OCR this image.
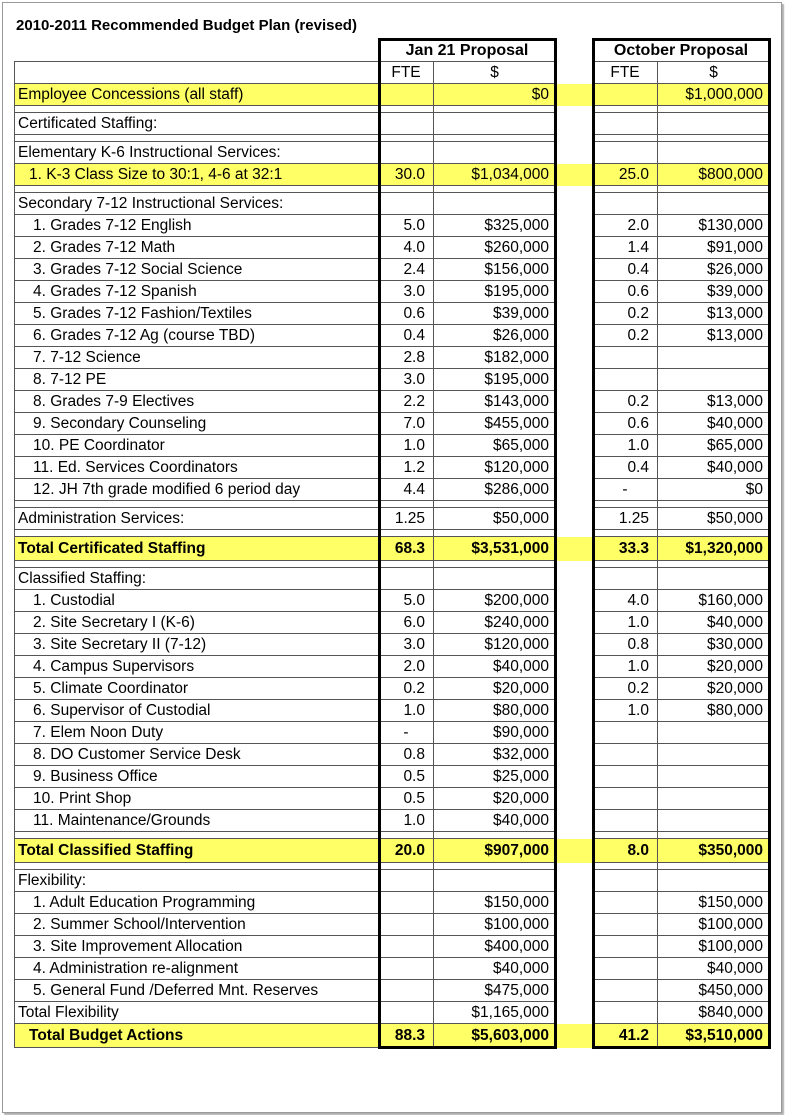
2010-2011 Recommended Budget Plan (revised)
	Jan 21 Proposal			October Proposal	
	FTE	$		FTE	$
Employee Concessions (all staff)		$0			$1,000,000

Certificated Staffing:					

Elementary K-6 Instructional Services:					
1. K-3 Class Size to 30:1, 4-6 at 32:1	30.0	$1,034,000		25.0	$800,000

Secondary 7-12 Instructional Services:					
1. Grades 7-12 English	5.0	$325,000		2.0	$130,000
2. Grades 7-12 Math	4.0	$260,000		1.4	$91,000
3. Grades 7-12 Social Science	2.4	$156,000		0.4	$26,000
4. Grades 7-12 Spanish	3.0	$195,000		0.6	$39,000
5. Grades 7-12 Fashion/Textiles	0.6	$39,000		0.2	$13,000
6. Grades 7-12 Ag (course TBD)	0.4	$26,000		0.2	$13,000
7. 7-12 Science	2.8	$182,000			
8. 7-12 PE	3.0	$195,000			
8. Grades 7-9 Electives	2.2	$143,000		0.2	$13,000
9. Secondary Counseling	7.0	$455,000		0.6	$40,000
10. PE Coordinator	1.0	$65,000		1.0	$65,000
11. Ed. Services Coordinators	1.2	$120,000		0.4	$40,000
12. JH 7th grade modified 6 period day	4.4	$286,000		-	$0

Administration Services:	1.25	$50,000		1.25	$50,000

Total Certificated Staffing	68.3	$3,531,000		33.3	$1,320,000

Classified Staffing:					
1. Custodial	5.0	$200,000		4.0	$160,000
2. Site Secretary I (K-6)	6.0	$240,000		1.0	$40,000
3. Site Secretary II (7-12)	3.0	$120,000		0.8	$30,000
4. Campus Supervisors	2.0	$40,000		1.0	$20,000
5. Climate Coordinator	0.2	$20,000		0.2	$20,000
6. Supervisor of Custodial	1.0	$80,000		1.0	$80,000
7. Elem Noon Duty	-	$90,000			
8. DO Customer Service Desk	0.8	$32,000			
9. Business Office	0.5	$25,000			
10. Print Shop	0.5	$20,000			
11. Maintenance/Grounds	1.0	$40,000			

Total Classified Staffing	20.0	$907,000		8.0	$350,000

Flexibility:					
1. Adult Education Programming		$150,000			$150,000
2. Summer School/Intervention		$100,000			$100,000
3. Site Improvement Allocation		$400,000			$100,000
4. Administration re-alignment		$40,000			$40,000
5. General Fund /Deferred Mnt. Reserves		$475,000			$450,000
Total Flexibility		$1,165,000			$840,000
Total Budget Actions	88.3	$5,603,000		41.2	$3,510,000
